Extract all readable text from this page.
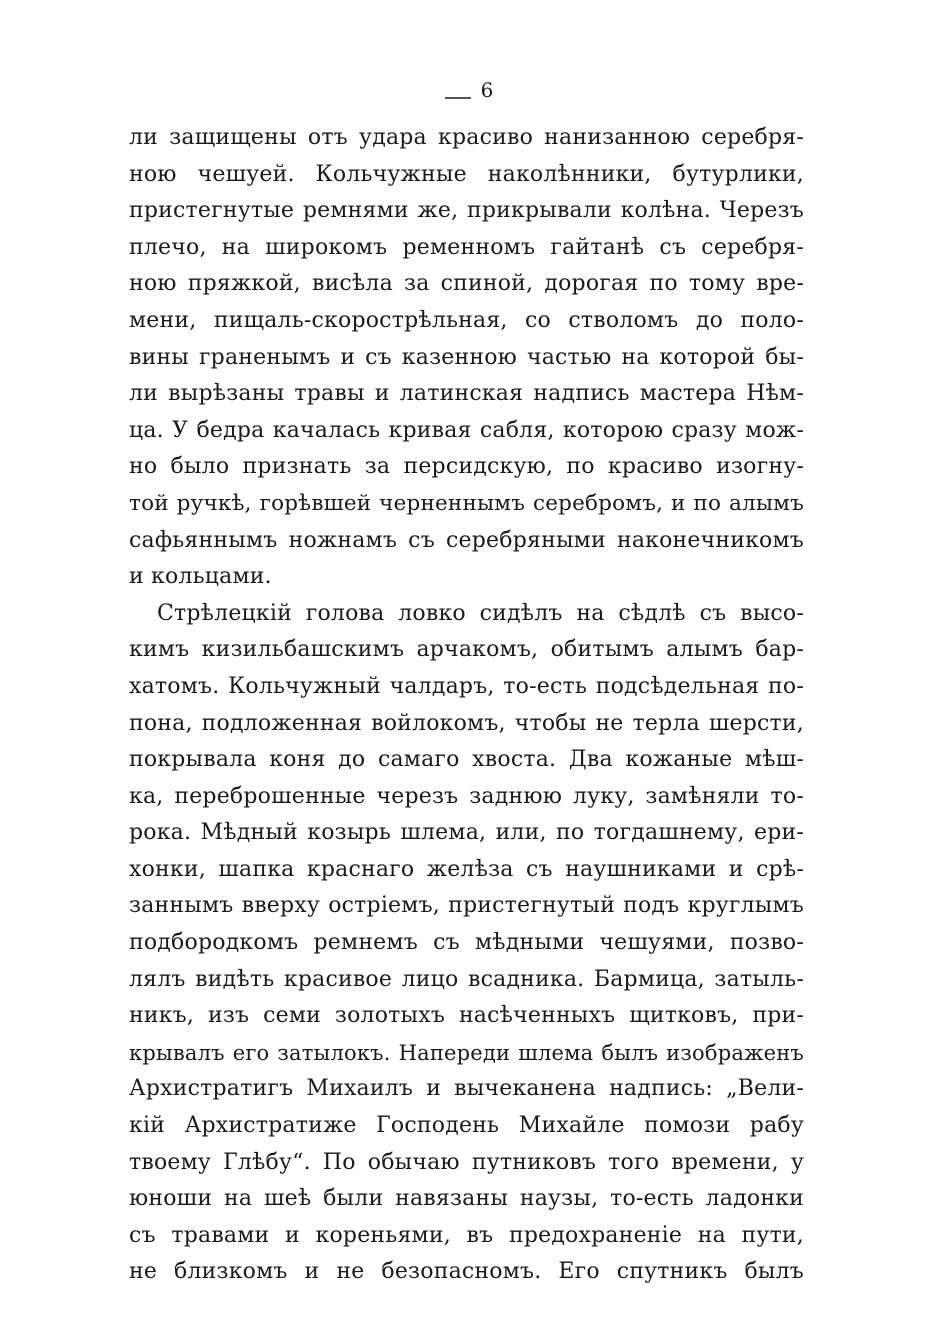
6
ли защищены отъ удара красиво нанизанною серебря-
ною чешуей. Кольчужные наколѣнники, бутурлики,
пристегнутые ремнями же, прикрывали колѣна. Черезъ
плечо, на широкомъ ременномъ гайтанѣ съ серебря-
ною пряжкой, висѣла за спиной, дорогая по тому вре-
мени, пищаль-скорострѣльная, со стволомъ до поло-
вины граненымъ и съ казенною частью на которой бы-
ли вырѣзаны травы и латинская надпись мастера Нѣм-
ца. У бедра качалась кривая сабля, которою сразу мож-
но было признать за персидскую, по красиво изогну-
той ручкѣ, горѣвшей черненнымъ серебромъ, и по алымъ
сафьяннымъ ножнамъ съ серебряными наконечникомъ
и кольцами.
Стрѣлецкій голова ловко сидѣлъ на сѣдлѣ съ высо-
кимъ кизильбашскимъ арчакомъ, обитымъ алымъ бар-
хатомъ. Кольчужный чалдаръ, то-есть подсѣдельная по-
пона, подложенная войлокомъ, чтобы не терла шерсти,
покрывала коня до самаго хвоста. Два кожаные мѣш-
ка, переброшенные черезъ заднюю луку, замѣняли то-
рока. Мѣдный козырь шлема, или, по тогдашнему, ери-
хонки, шапка краснаго желѣза съ наушниками и срѣ-
заннымъ вверху остріемъ, пристегнутый подъ круглымъ
подбородкомъ ремнемъ съ мѣдными чешуями, позво-
лялъ видѣть красивое лицо всадника. Бармица, затыль-
никъ, изъ семи золотыхъ насѣченныхъ щитковъ, при-
крывалъ его затылокъ. Напереди шлема былъ изображенъ
Архистратигъ Михаилъ и вычеканена надпись: „Вели-
кій Архистратиже Господень Михайле помози рабу
твоему Глѣбу“. По обычаю путниковъ того времени, у
юноши на шеѣ были навязаны наузы, то-есть ладонки
съ травами и кореньями, въ предохраненіе на пути,
не близкомъ и не безопасномъ. Его спутникъ былъ
